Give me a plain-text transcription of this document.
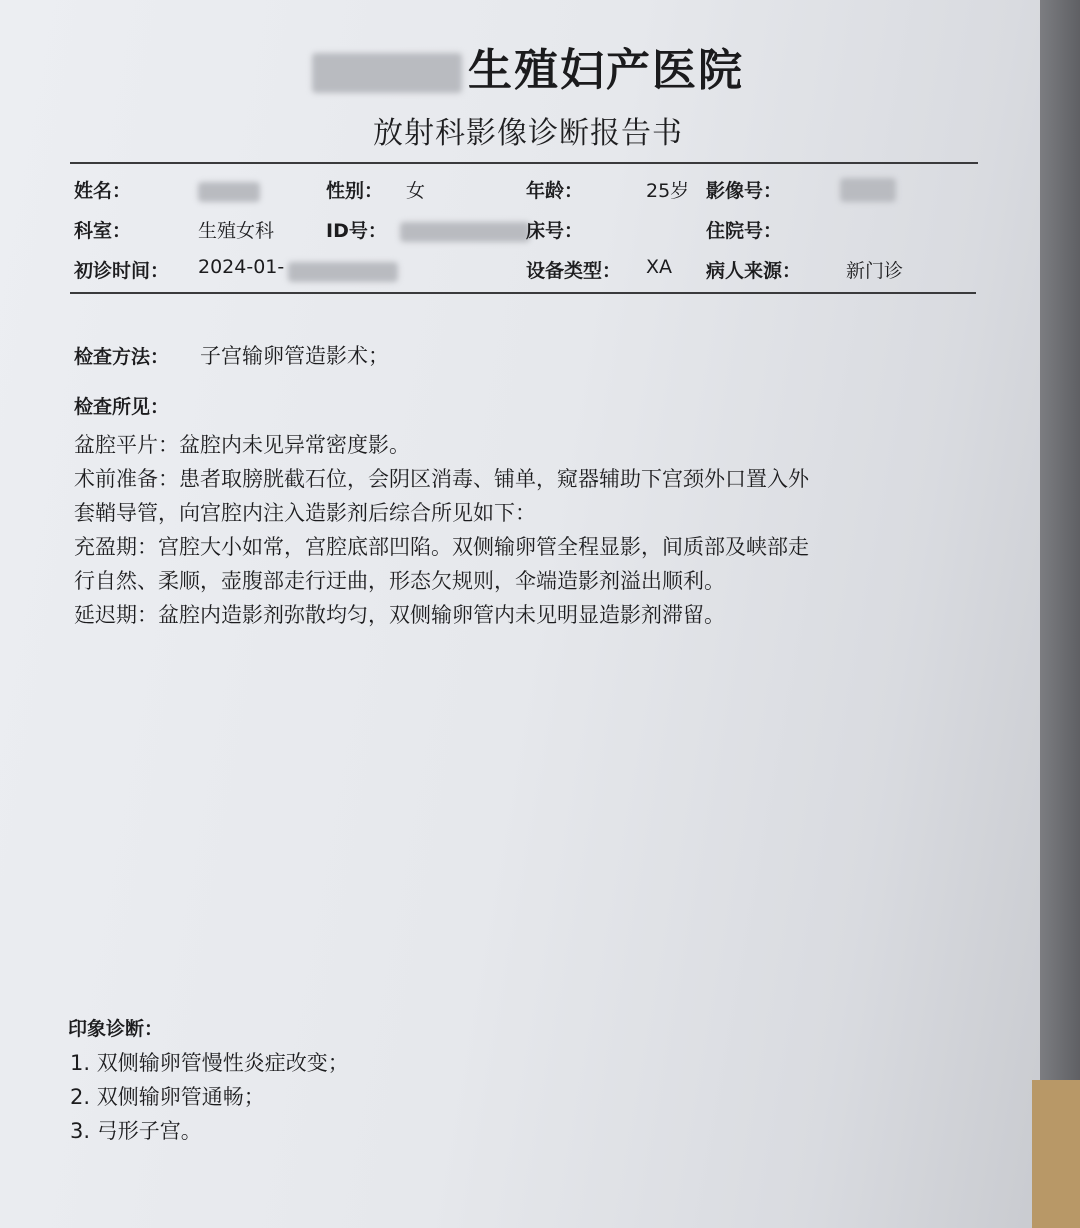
生殖妇产医院
放射科影像诊断报告书
姓名：	性别： 女	年龄：	25岁 影像号：
科室：	生殖女科	ID号：	床号：	住院号：
初诊时间： 2024-01-	设备类型： XA 病人来源： 新门诊
检查方法： 子宫输卵管造影术；
检查所见：

盆腔平片：盆腔内未见异常密度影。

术前准备：患者取膀胱截石位，会阴区消毒、铺单，窥器辅助下宫颈外口置入外

套鞘导管，向宫腔内注入造影剂后综合所见如下：

充盈期：宫腔大小如常，宫腔底部凹陷。双侧输卵管全程显影，间质部及峡部走

行自然、柔顺，壶腹部走行迂曲，形态欠规则，伞端造影剂溢出顺利。

延迟期：盆腔内造影剂弥散均匀，双侧输卵管内未见明显造影剂滞留。

印象诊断：

1. 双侧输卵管慢性炎症改变；

2. 双侧输卵管通畅；

3. 弓形子宫。
